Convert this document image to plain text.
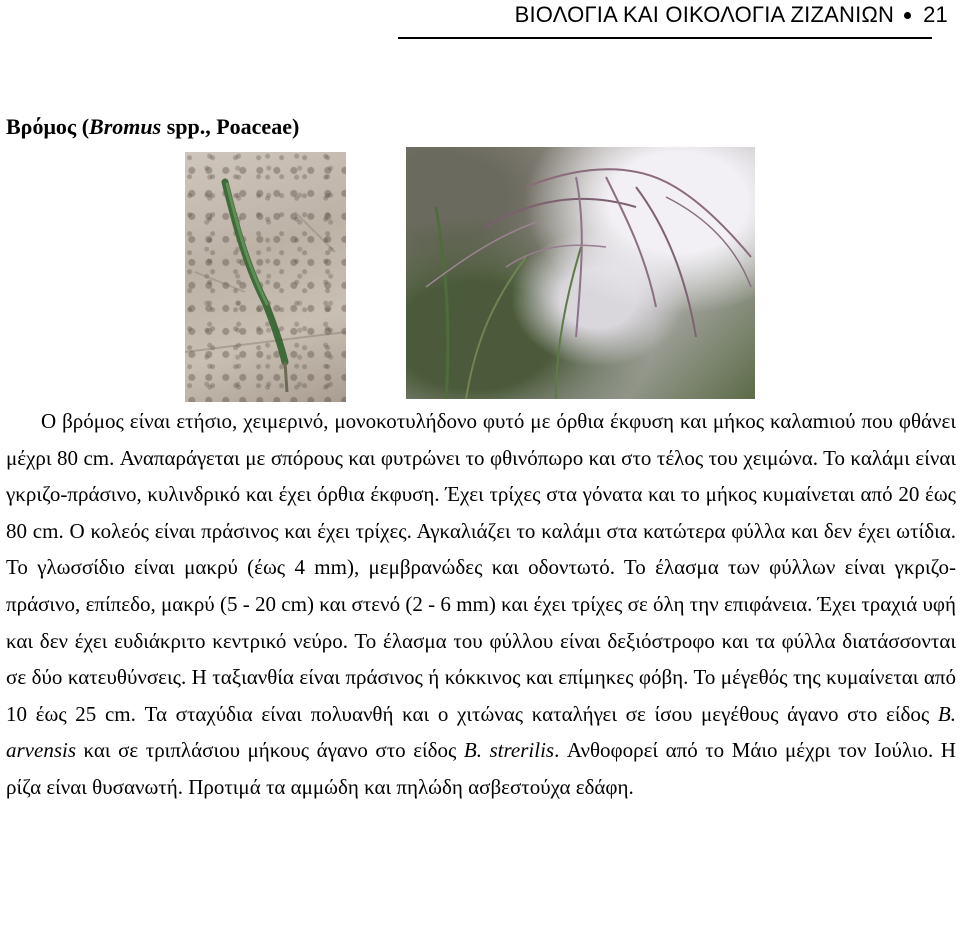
ΒΙΟΛΟΓΙΑ ΚΑΙ ΟΙΚΟΛΟΓΙΑ ΖΙΖΑΝΙΩΝ 21
Βρόμος (Bromus spp., Poaceae)

Ο βρόμος είναι ετήσιο, χειμερινό, μονοκοτυλήδονο φυτό με όρθια έκφυση και μήκος καλαmιού που φθάνει μέχρι 80 cm. Αναπαράγεται με σπόρους και φυτρώνει το φθινόπωρο και στο τέλος του χειμώνα. Το καλάμι είναι γκριζο-πράσινο, κυλινδρικό και έχει όρθια έκφυση. Έχει τρίχες στα γόνατα και το μήκος κυμαίνεται από 20 έως 80 cm. Ο κολεός είναι πράσινος και έχει τρίχες. Αγκαλιάζει το καλάμι στα κατώτερα φύλλα και δεν έχει ωτίδια. Το γλωσσίδιο είναι μακρύ (έως 4 mm), μεμβρανώδες και οδοντωτό. Το έλασμα των φύλλων είναι γκριζο-πράσινο, επίπεδο, μακρύ (5 - 20 cm) και στενό (2 - 6 mm) και έχει τρίχες σε όλη την επιφάνεια. Έχει τραχιά υφή και δεν έχει ευδιάκριτο κεντρικό νεύρο. Το έλασμα του φύλλου είναι δεξιόστροφο και τα φύλλα διατάσσονται σε δύο κατευθύνσεις. Η ταξιανθία είναι πράσινος ή κόκκινος και επίμηκες φόβη. Το μέγεθός της κυμαίνεται από 10 έως 25 cm. Τα σταχύδια είναι πολυανθή και ο χιτώνας καταλήγει σε ίσου μεγέθους άγανο στο είδος B. arvensis και σε τριπλάσιου μήκους άγανο στο είδος B. strerilis. Ανθοφορεί από το Μάιο μέχρι τον Ιούλιο. Η ρίζα είναι θυσανωτή. Προτιμά τα αμμώδη και πηλώδη ασβεστούχα εδάφη.
